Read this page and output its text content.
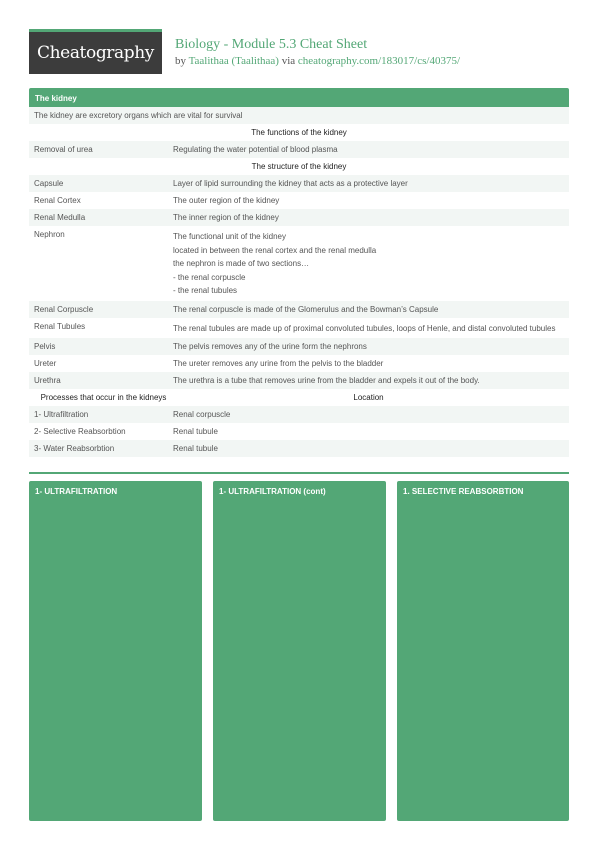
Cheatography Biology - Module 5.3 Cheat Sheet
by Taalithaa (Taalithaa) via cheatography.com/183017/cs/40375/
The kidney
The kidney are excretory organs which are vital for survival
The functions of the kidney
Removal of urea	Regulating the water potential of blood plasma
The structure of the kidney
Capsule	Layer of lipid surrounding the kidney that acts as a protective layer
Renal Cortex	The outer region of the kidney
Renal Medulla	The inner region of the kidney
Nephron	The functional unit of the kidney
located in between the renal cortex and the renal medulla
the nephron is made of two sections…
- the renal corpuscle
- the renal tubules
Renal Corpuscle	The renal corpuscle is made of the Glomerulus and the Bowman’s Capsule
Renal Tubules	The renal tubules are made up of proximal convoluted tubules, loops of Henle, and distal convoluted tubules
Pelvis	The pelvis removes any of the urine form the nephrons
Ureter	The ureter removes any urine from the pelvis to the bladder
Urethra	The urethra is a tube that removes urine from the bladder and expels it out of the body.
Processes that occur in the kidneys	Location
1- Ultrafiltration	Renal corpuscle
2- Selective Reabsorbtion	Renal tubule
3- Water Reabsorbtion	Renal tubule
1- ULTRAFILTRATION	1- ULTRAFILTRATION (cont)	1. SELECTIVE REABSORBTION
